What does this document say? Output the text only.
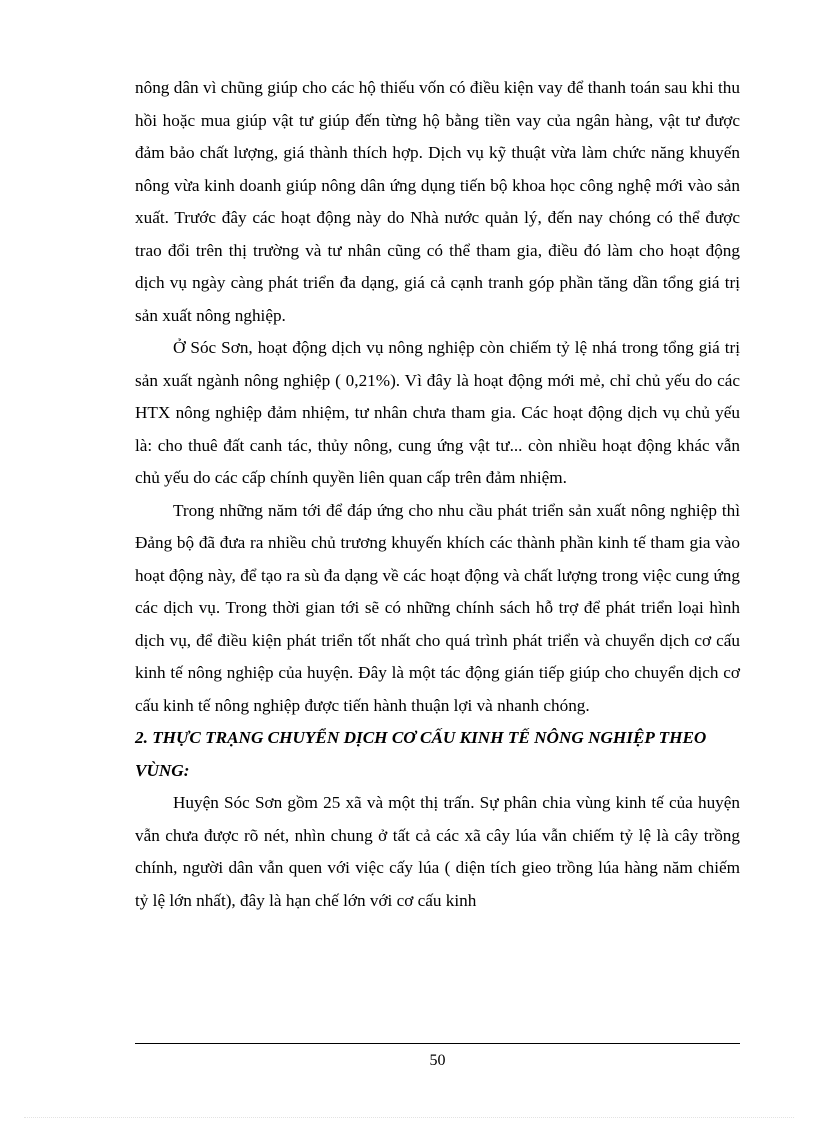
nông dân vì chũng giúp cho các hộ thiếu vốn có điều kiện vay để thanh toán sau khi thu hồi hoặc mua giúp vật tư giúp đến từng hộ bằng tiền vay của ngân hàng, vật tư được đảm bảo chất lượng, giá thành thích hợp. Dịch vụ kỹ thuật vừa làm chức năng khuyến nông vừa kinh doanh giúp nông dân ứng dụng tiến bộ khoa học công nghệ mới vào sản xuất. Trước đây các hoạt động này do Nhà nước quản lý, đến nay chóng có thể được trao đổi trên thị trường và tư nhân cũng có thể tham gia, điều đó làm cho hoạt động dịch vụ ngày càng phát triển đa dạng, giá cả cạnh tranh góp phần tăng dần tổng giá trị sản xuất nông nghiệp.

Ở Sóc Sơn, hoạt động dịch vụ nông nghiệp còn chiếm tỷ lệ nhá trong tổng giá trị sản xuất ngành nông nghiệp ( 0,21%). Vì đây là hoạt động mới mẻ, chỉ chủ yếu do các HTX nông nghiệp đảm nhiệm, tư nhân chưa tham gia. Các hoạt động dịch vụ chủ yếu là: cho thuê đất canh tác, thủy nông, cung ứng vật tư... còn nhiều hoạt động khác vẫn chủ yếu do các cấp chính quyền liên quan cấp trên đảm nhiệm.

Trong những năm tới để đáp ứng cho nhu cầu phát triển sản xuất nông nghiệp thì Đảng bộ đã đưa ra nhiều chủ trương khuyến khích các thành phần kinh tế tham gia vào hoạt động này, để tạo ra sù đa dạng về các hoạt động và chất lượng trong việc cung ứng các dịch vụ. Trong thời gian tới sẽ có những chính sách hỗ trợ để phát triển loại hình dịch vụ, để điều kiện phát triển tốt nhất cho quá trình phát triển và chuyển dịch cơ cấu kinh tế nông nghiệp của huyện. Đây là một tác động gián tiếp giúp cho chuyển dịch cơ cấu kinh tế nông nghiệp được tiến hành thuận lợi và nhanh chóng.

2. THỰC TRẠNG CHUYỂN DỊCH CƠ CẤU KINH TẾ NÔNG NGHIỆP THEO VÙNG:

Huyện Sóc Sơn gồm 25 xã và một thị trấn. Sự phân chia vùng kinh tế của huyện vẫn chưa được rõ nét, nhìn chung ở tất cả các xã cây lúa vẫn chiếm tỷ lệ là cây trồng chính, người dân vẫn quen với việc cấy lúa ( diện tích gieo trồng lúa hàng năm chiếm tỷ lệ lớn nhất), đây là hạn chế lớn với cơ cấu kinh

50
